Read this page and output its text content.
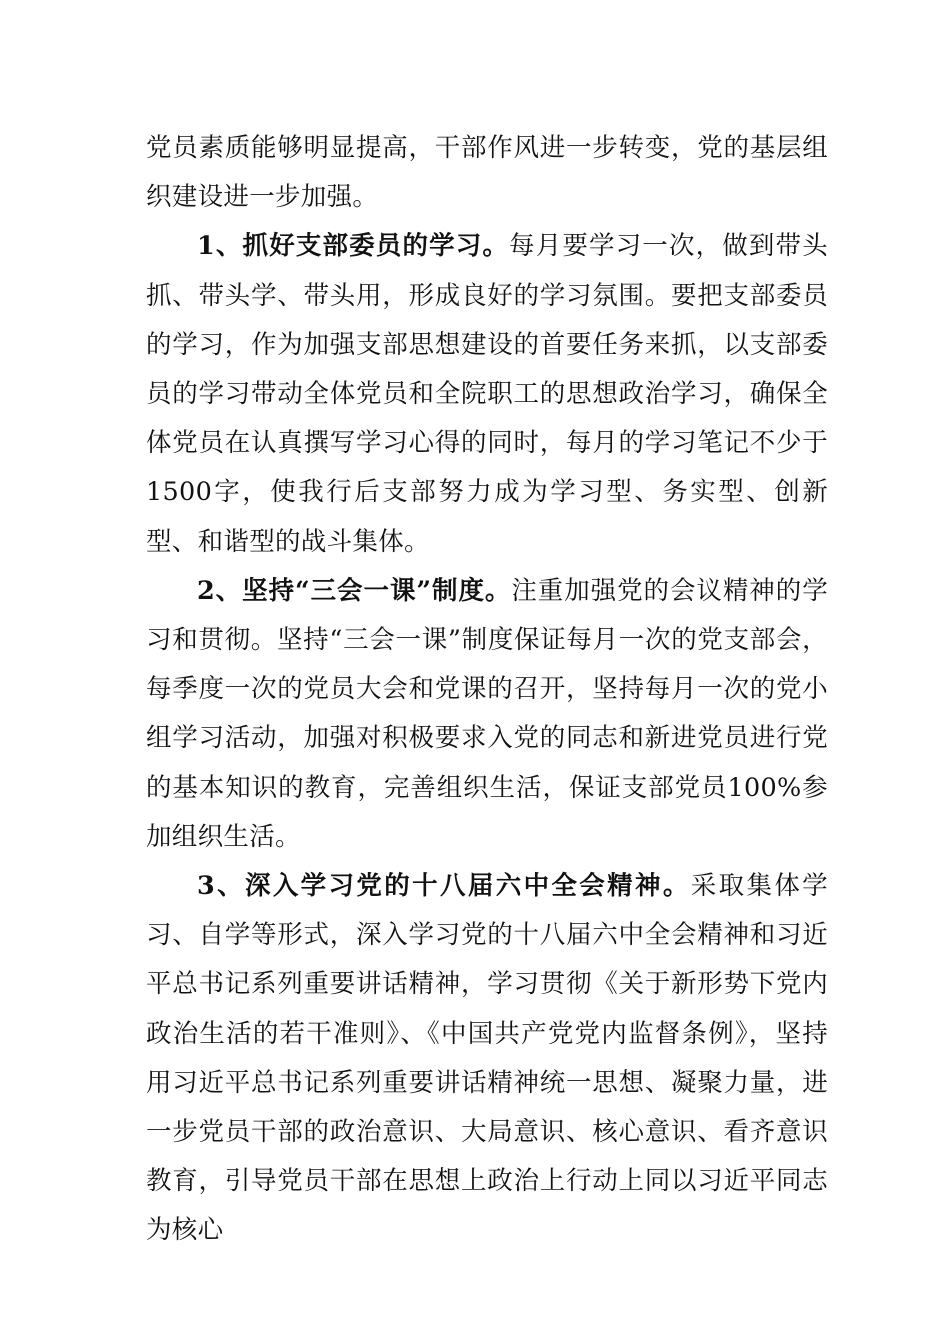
党员素质能够明显提高，干部作风进一步转变，党的基层组织建设进一步加强。

1、抓好支部委员的学习。每月要学习一次，做到带头抓、带头学、带头用，形成良好的学习氛围。要把支部委员的学习，作为加强支部思想建设的首要任务来抓，以支部委员的学习带动全体党员和全院职工的思想政治学习，确保全体党员在认真撰写学习心得的同时，每月的学习笔记不少于1500字，使我行后支部努力成为学习型、务实型、创新型、和谐型的战斗集体。

2、坚持“三会一课”制度。注重加强党的会议精神的学习和贯彻。坚持“三会一课”制度保证每月一次的党支部会，每季度一次的党员大会和党课的召开，坚持每月一次的党小组学习活动，加强对积极要求入党的同志和新进党员进行党的基本知识的教育，完善组织生活，保证支部党员100%参加组织生活。

3、深入学习党的十八届六中全会精神。采取集体学习、自学等形式，深入学习党的十八届六中全会精神和习近平总书记系列重要讲话精神，学习贯彻《关于新形势下党内政治生活的若干准则》、《中国共产党党内监督条例》，坚持用习近平总书记系列重要讲话精神统一思想、凝聚力量，进一步党员干部的政治意识、大局意识、核心意识、看齐意识教育，引导党员干部在思想上政治上行动上同以习近平同志为核心
